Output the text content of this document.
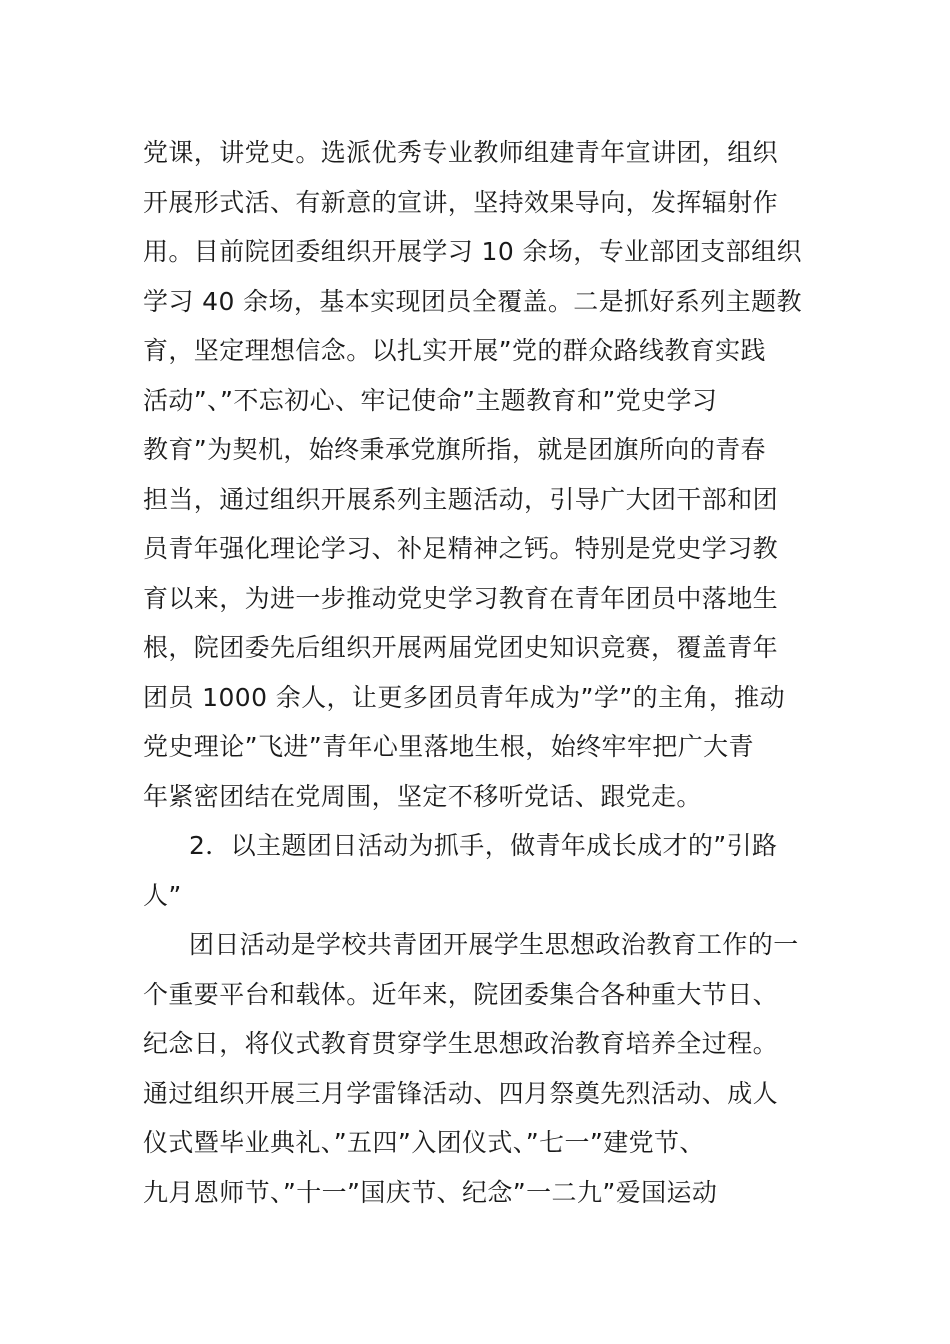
党课，讲党史。选派优秀专业教师组建青年宣讲团，组织
开展形式活、有新意的宣讲，坚持效果导向，发挥辐射作
用。目前院团委组织开展学习 10 余场，专业部团支部组织
学习 40 余场，基本实现团员全覆盖。二是抓好系列主题教
育，坚定理想信念。以扎实开展”党的群众路线教育实践
活动”、”不忘初心、牢记使命”主题教育和”党史学习
教育”为契机，始终秉承党旗所指，就是团旗所向的青春
担当，通过组织开展系列主题活动，引导广大团干部和团
员青年强化理论学习、补足精神之钙。特别是党史学习教
育以来，为进一步推动党史学习教育在青年团员中落地生
根，院团委先后组织开展两届党团史知识竞赛，覆盖青年
团员 1000 余人，让更多团员青年成为”学”的主角，推动
党史理论”飞进”青年心里落地生根，始终牢牢把广大青
年紧密团结在党周围，坚定不移听党话、跟党走。
2．以主题团日活动为抓手，做青年成长成才的”引路
人”
团日活动是学校共青团开展学生思想政治教育工作的一
个重要平台和载体。近年来，院团委集合各种重大节日、
纪念日，将仪式教育贯穿学生思想政治教育培养全过程。
通过组织开展三月学雷锋活动、四月祭奠先烈活动、成人
仪式暨毕业典礼、”五四”入团仪式、”七一”建党节、
九月恩师节、”十一”国庆节、纪念”一二九”爱国运动
